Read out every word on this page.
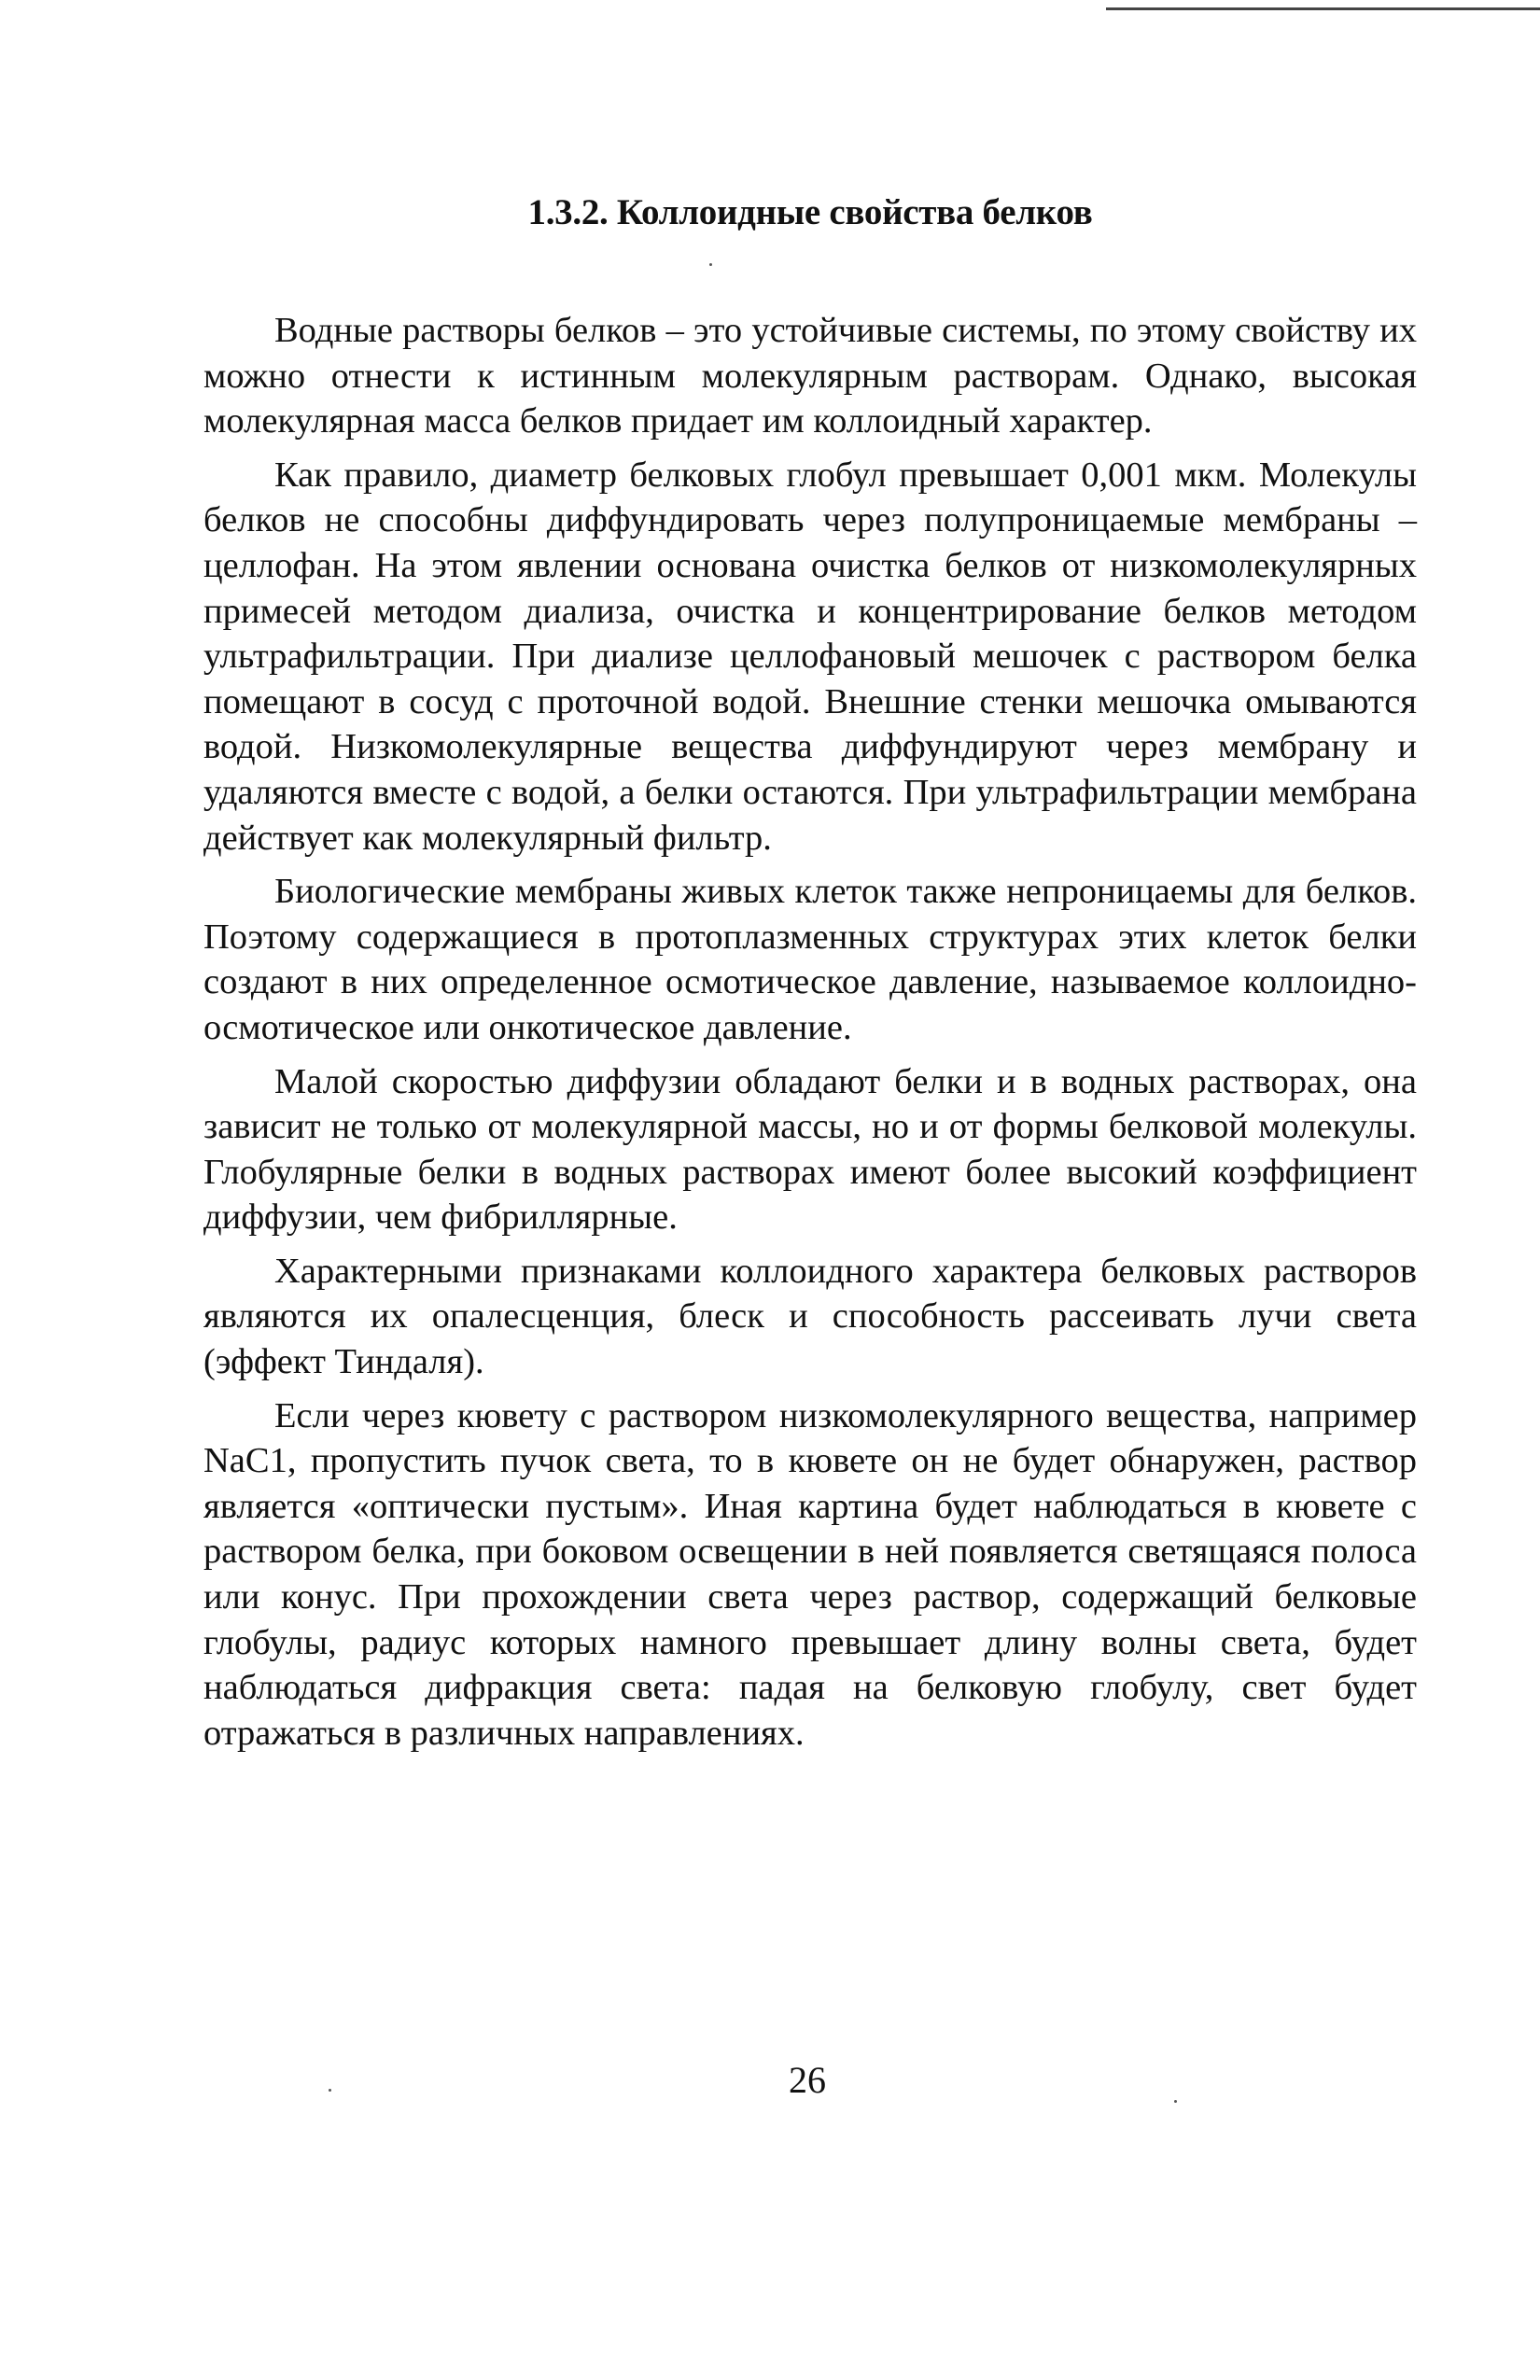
1.3.2. Коллоидные свойства белков

Водные растворы белков – это устойчивые системы, по этому свойству их можно отнести к истинным молекулярным растворам. Однако, высокая молекулярная масса белков придает им коллоидный характер.

Как правило, диаметр белковых глобул превышает 0,001 мкм. Молекулы белков не способны диффундировать через полупроницаемые мембраны – целлофан. На этом явлении основана очистка белков от низкомолекулярных примесей методом диализа, очистка и концентрирование белков методом ультрафильтрации. При диализе целлофановый мешочек с раствором белка помещают в сосуд с проточной водой. Внешние стенки мешочка омываются водой. Низкомолекулярные вещества диффундируют через мембрану и удаляются вместе с водой, а белки остаются. При ультрафильтрации мембрана действует как молекулярный фильтр.

Биологические мембраны живых клеток также непроницаемы для белков. Поэтому содержащиеся в протоплазменных структурах этих клеток белки создают в них определенное осмотическое давление, называемое коллоидно-осмотическое или онкотическое давление.

Малой скоростью диффузии обладают белки и в водных растворах, она зависит не только от молекулярной массы, но и от формы белковой молекулы. Глобулярные белки в водных растворах имеют более высокий коэффициент диффузии, чем фибриллярные.

Характерными признаками коллоидного характера белковых растворов являются их опалесценция, блеск и способность рассеивать лучи света (эффект Тиндаля).

Если через кювету с раствором низкомолекулярного вещества, например NaC1, пропустить пучок света, то в кювете он не будет обнаружен, раствор является «оптически пустым». Иная картина будет наблюдаться в кювете с раствором белка, при боковом освещении в ней появляется светящаяся полоса или конус. При прохождении света через раствор, содержащий белковые глобулы, радиус которых намного превышает длину волны света, будет наблюдаться дифракция света: падая на белковую глобулу, свет будет отражаться в различных направлениях.

26
